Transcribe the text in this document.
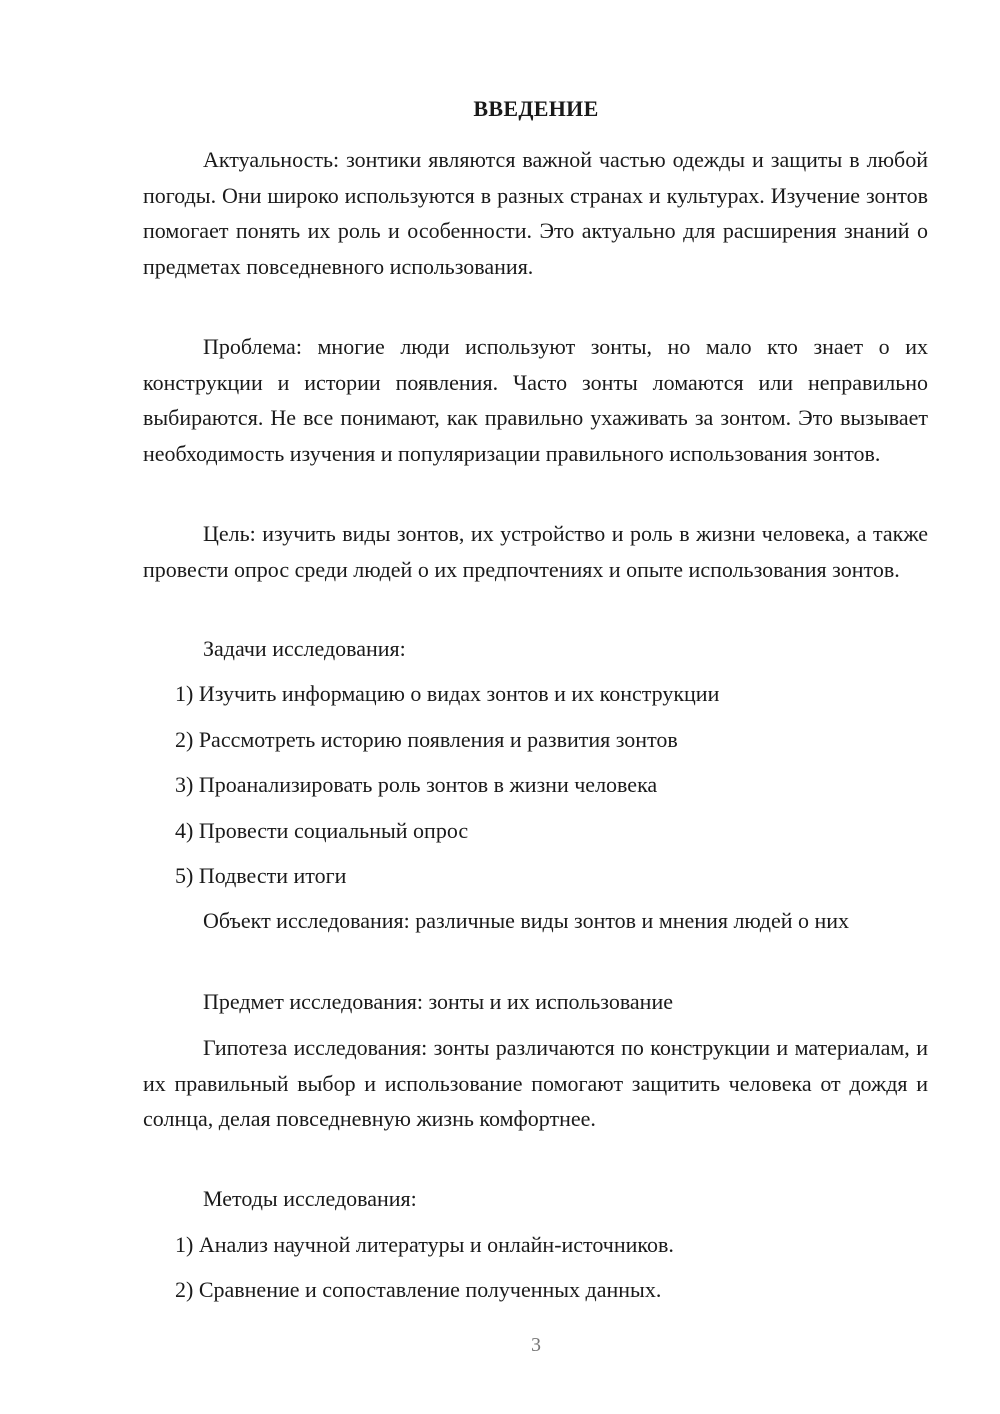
ВВЕДЕНИЕ
Актуальность: зонтики являются важной частью одежды и защиты в любой погоды. Они широко используются в разных странах и культурах. Изучение зонтов помогает понять их роль и особенности. Это актуально для расширения знаний о предметах повседневного использования.
Проблема: многие люди используют зонты, но мало кто знает о их конструкции и истории появления. Часто зонты ломаются или неправильно выбираются. Не все понимают, как правильно ухаживать за зонтом. Это вызывает необходимость изучения и популяризации правильного использования зонтов.
Цель: изучить виды зонтов, их устройство и роль в жизни человека, а также провести опрос среди людей о их предпочтениях и опыте использования зонтов.
Задачи исследования:
1) Изучить информацию о видах зонтов и их конструкции
2) Рассмотреть историю появления и развития зонтов
3) Проанализировать роль зонтов в жизни человека
4) Провести социальный опрос
5) Подвести итоги
Объект исследования: различные виды зонтов и мнения людей о них
Предмет исследования: зонты и их использование
Гипотеза исследования: зонты различаются по конструкции и материалам, и их правильный выбор и использование помогают защитить человека от дождя и солнца, делая повседневную жизнь комфортнее.
Методы исследования:
1) Анализ научной литературы и онлайн-источников.
2) Сравнение и сопоставление полученных данных.
3
